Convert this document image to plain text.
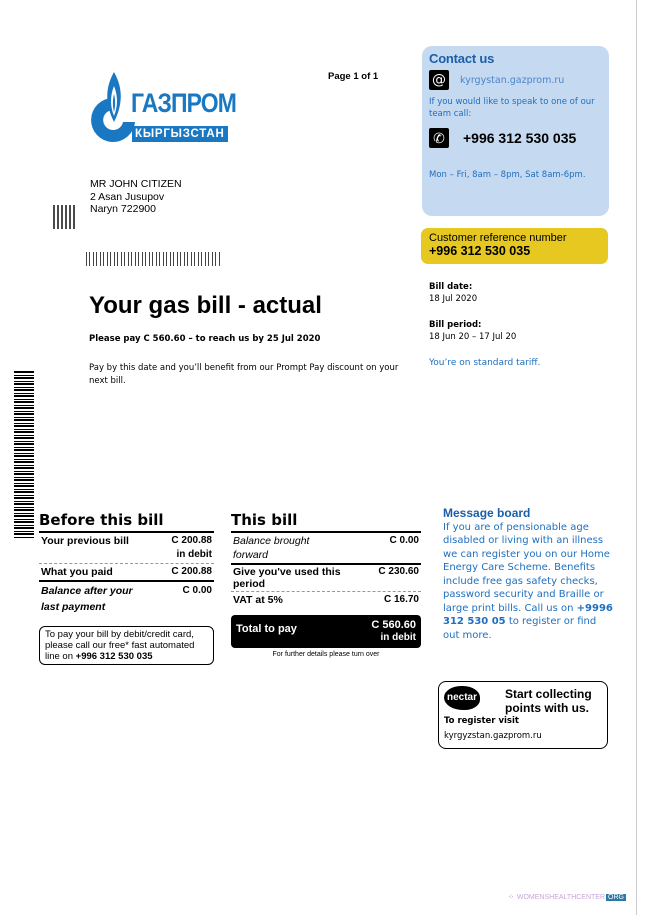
ГАЗПРОМ
КЫРГЫЗСТАН
Page 1 of 1
MR JOHN CITIZEN
2 Asan Jusupov
Naryn 722900
Contact us
@ kyrgystan.gazprom.ru
If you would like to speak to one of our team call:
✆ +996 312 530 035
Mon – Fri, 8am – 8pm, Sat 8am-6pm.
Customer reference number
+996 312 530 035
Bill date:
18 Jul 2020
Bill period:
18 Jun 20 – 17 Jul 20
You’re on standard tariff.
Your gas bill - actual
Please pay C 560.60 – to reach us by 25 Jul 2020
Pay by this date and you’ll benefit from our Prompt Pay discount on your next bill.
Before this bill
Your previous bill	C 200.88
in debit
What you paid	C 200.88
Balance after your last payment
C 0.00
To pay your bill by debit/credit card, please call our free* fast automated line on +996 312 530 035
This bill
Balance brought forward
C 0.00
Give you've used this period
C 230.60
VAT at 5%	C 16.70
Total to pay	C 560.60
in debit
For further details please turn over
Message board
If you are of pensionable age disabled or living with an illness we can register you on our Home Energy Care Scheme. Benefits include free gas safety checks, password security and Braille or large print bills. Call us on +9996 312 530 05 to register or find out more.
nectar Start collecting points with us.
To register visit
kyrgyzstan.gazprom.ru
⁘ WOMENSHEALTHCENTER ORG
